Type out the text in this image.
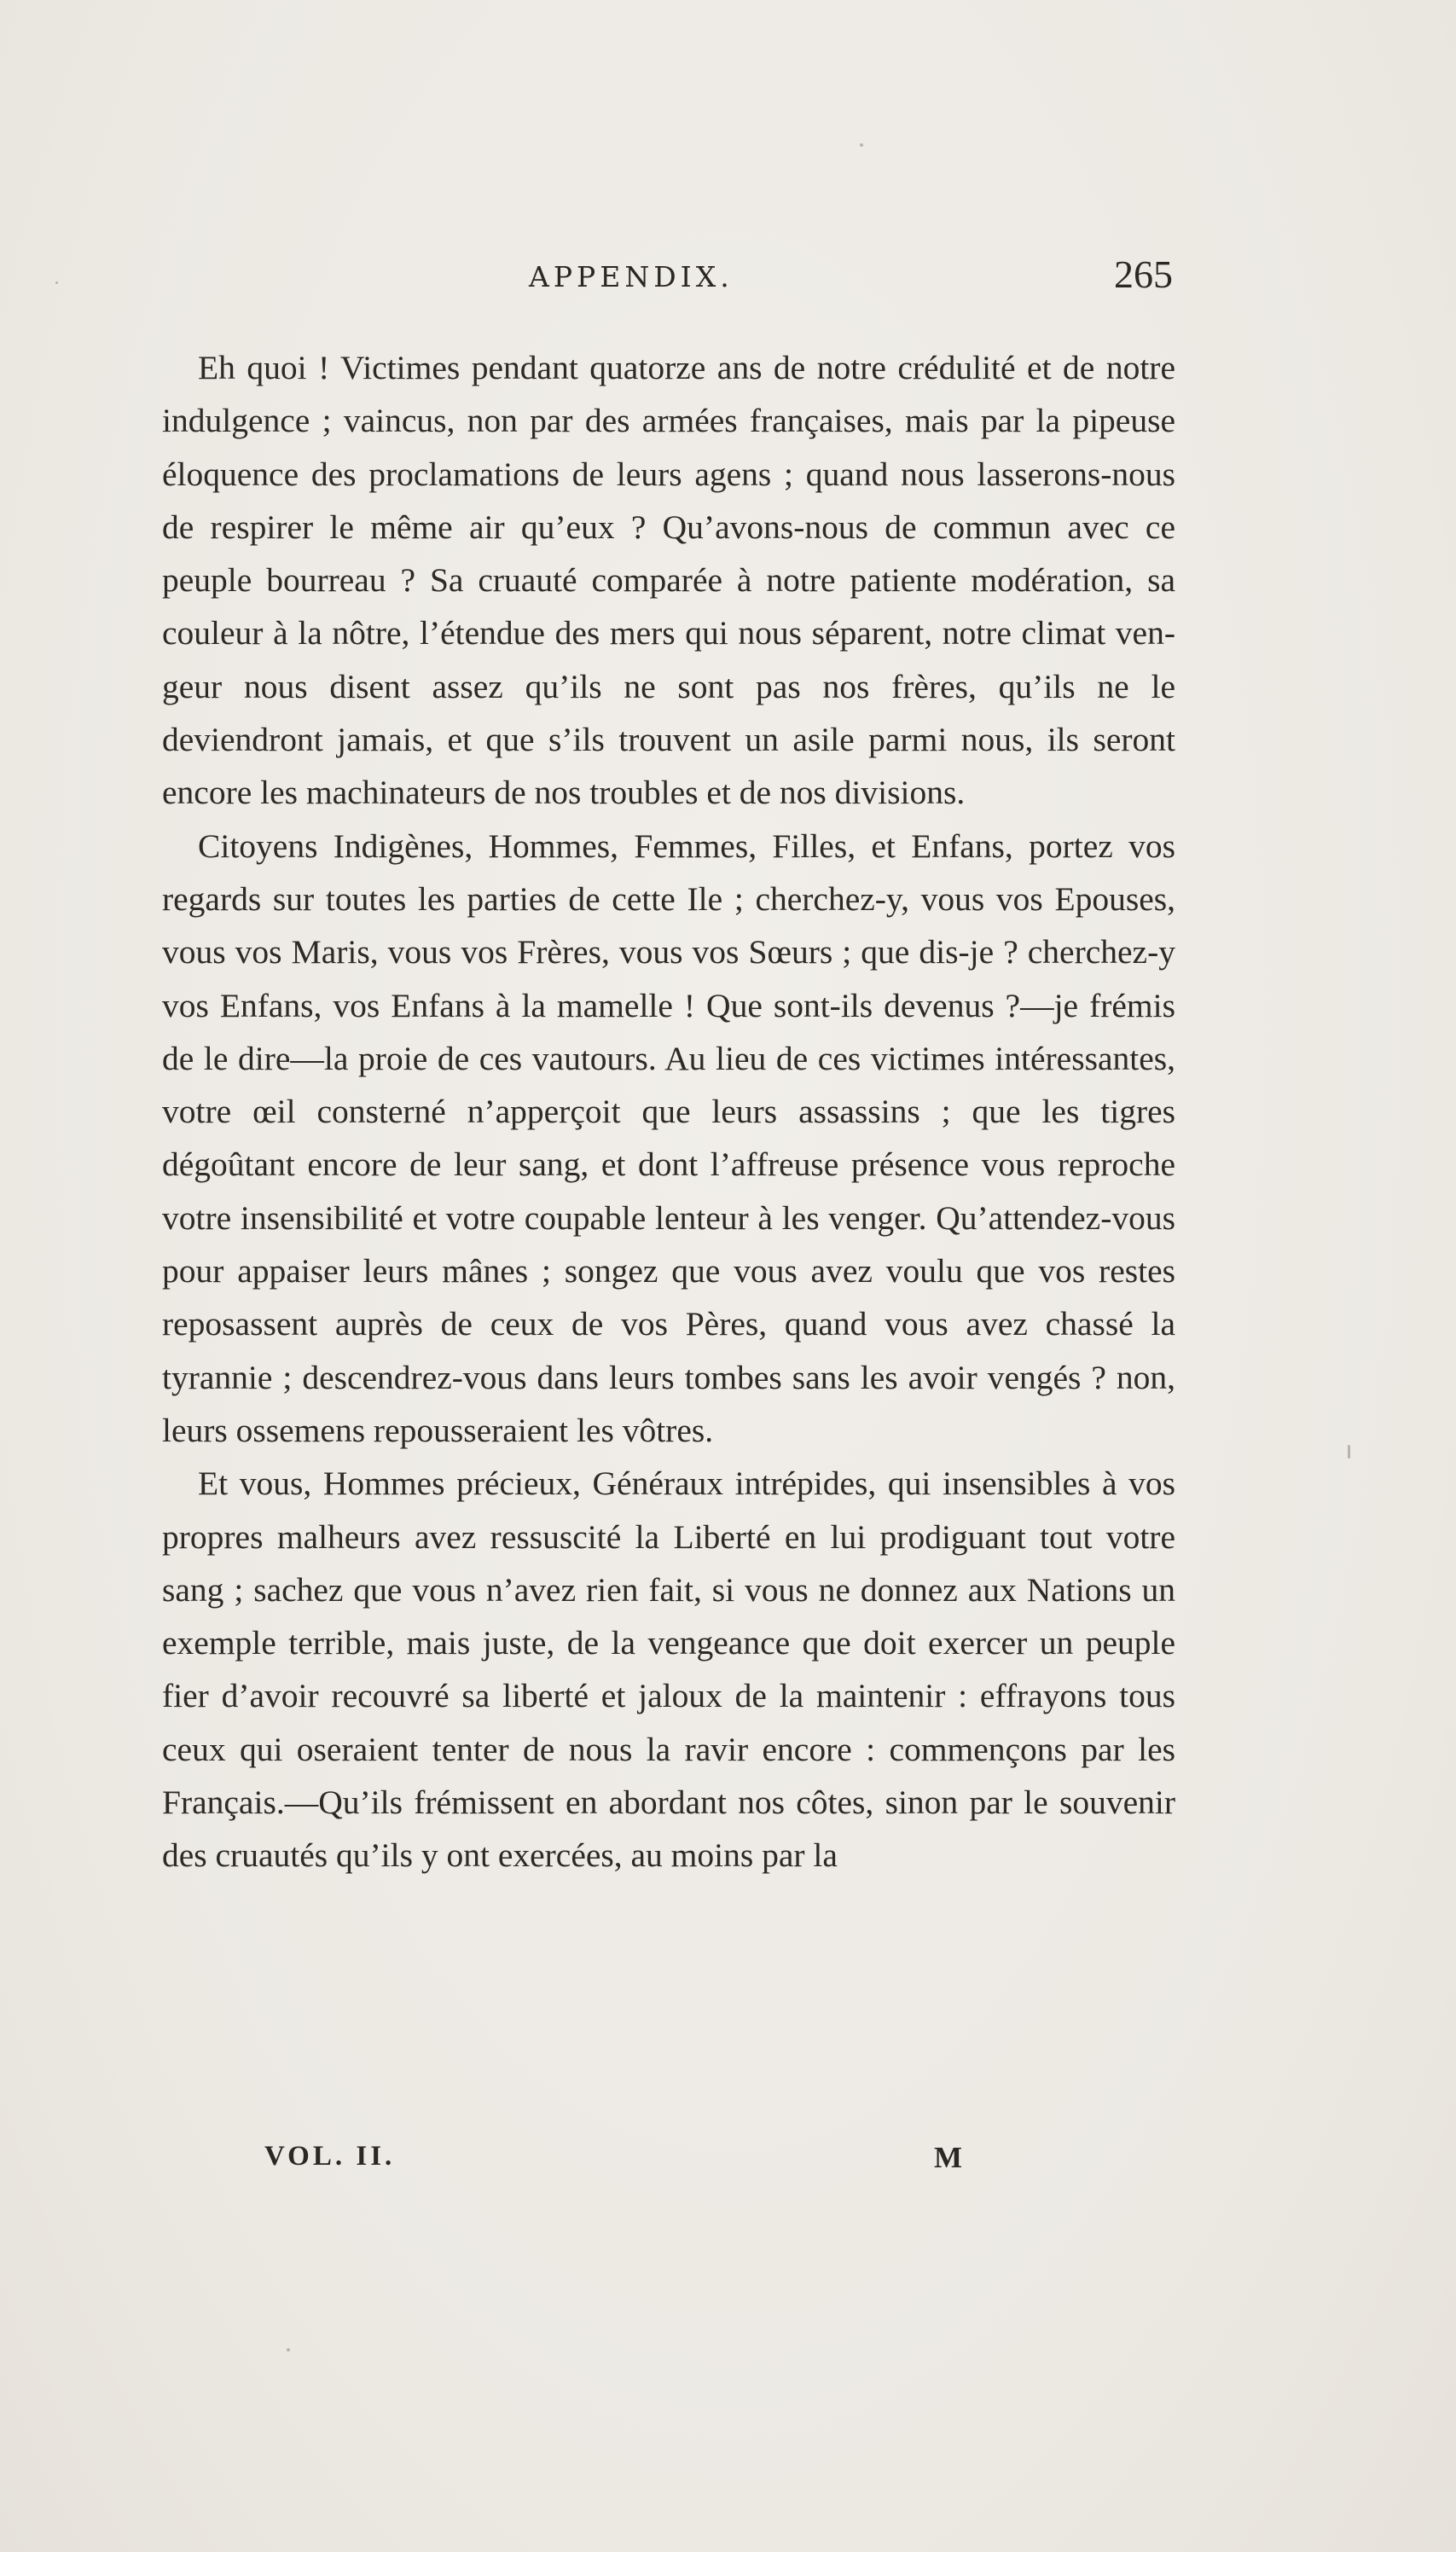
APPENDIX.	265

Eh quoi ! Victimes pendant quatorze ans de notre crédulité et de notre indulgence ; vaincus, non par des armées françaises, mais par la pipeuse éloquence des proclamations de leurs agens ; quand nous lasserons-nous de respirer le même air qu’eux ? Qu’avons-nous de commun avec ce peuple bourreau ? Sa cruauté comparée à notre patiente modération, sa couleur à la nôtre, l’étendue des mers qui nous séparent, notre climat vengeur nous disent assez qu’ils ne sont pas nos frères, qu’ils ne le deviendront jamais, et que s’ils trouvent un asile parmi nous, ils seront encore les machinateurs de nos troubles et de nos divisions.

Citoyens Indigènes, Hommes, Femmes, Filles, et Enfans, portez vos regards sur toutes les parties de cette Ile ; cherchez-y, vous vos Epouses, vous vos Maris, vous vos Frères, vous vos Sœurs ; que dis-je ? cherchez-y vos Enfans, vos Enfans à la mamelle ! Que sont-ils devenus ?—je frémis de le dire—la proie de ces vautours. Au lieu de ces victimes intéressantes, votre œil consterné n’apperçoit que leurs assassins ; que les tigres dégoûtant encore de leur sang, et dont l’affreuse présence vous reproche votre insensibilité et votre coupable lenteur à les venger. Qu’attendez-vous pour appaiser leurs mânes ; songez que vous avez voulu que vos restes reposassent auprès de ceux de vos Pères, quand vous avez chassé la tyrannie ; descendrez-vous dans leurs tombes sans les avoir vengés ? non, leurs ossemens repousseraient les vôtres.

Et vous, Hommes précieux, Généraux intrépides, qui insensibles à vos propres malheurs avez ressuscité la Liberté en lui prodiguant tout votre sang ; sachez que vous n’avez rien fait, si vous ne donnez aux Nations un exemple terrible, mais juste, de la vengeance que doit exercer un peuple fier d’avoir recouvré sa liberté et jaloux de la maintenir : effrayons tous ceux qui oseraient tenter de nous la ravir encore : commençons par les Français.—Qu’ils frémissent en abordant nos côtes, sinon par le souvenir des cruautés qu’ils y ont exercées, au moins par la

VOL. II.	M
